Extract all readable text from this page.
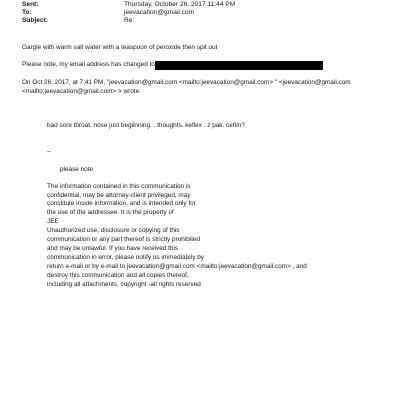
Sent:	Thursday, October 26, 2017 11:44 PM
To:	jeevacation@gmail.com
Subject:	Re:
Gargle with warm salt water with a teaspoon of peroxide then spit out
Please note, my email address has changed to
On Oct 26, 2017, at 7:41 PM, "jeevacation@gmail.com <mailto:jeevacation@gmail.com> " <jeevacation@gmail.com
<mailto:jeevacation@gmail.com> > wrote:
bad sore throat. nose just begiinning. . thoughts. keflex . z pak. ceftin?
--
please note
The information contained in this communication is
confidential, may be attorney-client privileged, may
constitute inside information, and is intended only for
the use of the addressee. It is the property of
JEE
Unauthorized use, disclosure or copying of this
communication or any part thereof is strictly prohibited
and may be unlawful. If you have received this
communication in error, please notify us immediately by
return e-mail or by e-mail to jeevacation@gmail.com <mailto:jeevacation@gmail.com> , and
destroy this communication and all copies thereof,
including all attachments. copyright -all rights reserved
